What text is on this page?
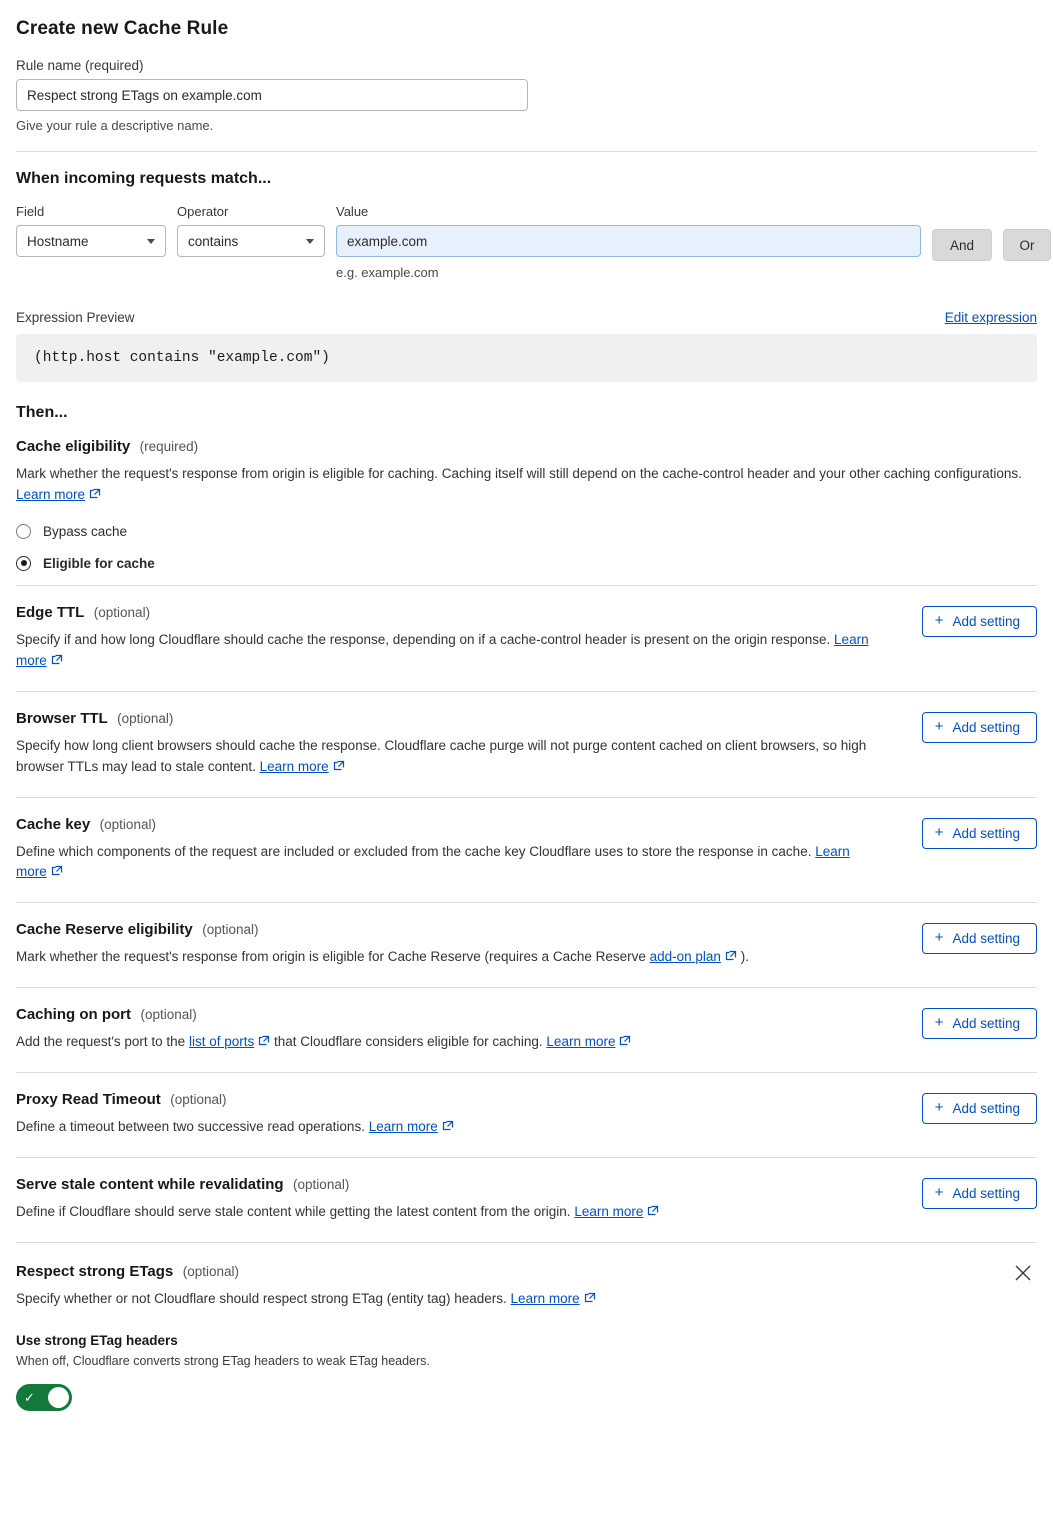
Create new Cache Rule
Rule name (required)
Respect strong ETags on example.com
Give your rule a descriptive name.
When incoming requests match...
Field
Hostname
Operator
contains
Value
example.com
e.g. example.com
And	Or
Expression Preview	Edit expression
(http.host contains "example.com")
Then...
Cache eligibility (required)
Mark whether the request's response from origin is eligible for caching. Caching itself will still depend on the cache-control header and your other caching configurations. Learn more
Bypass cache
Eligible for cache
Edge TTL (optional)
Specify if and how long Cloudflare should cache the response, depending on if a cache-control header is present on the origin response. Learn more
+ Add setting
Browser TTL (optional)
Specify how long client browsers should cache the response. Cloudflare cache purge will not purge content cached on client browsers, so high browser TTLs may lead to stale content. Learn more
+ Add setting
Cache key (optional)
Define which components of the request are included or excluded from the cache key Cloudflare uses to store the response in cache. Learn more
+ Add setting
Cache Reserve eligibility (optional)
Mark whether the request's response from origin is eligible for Cache Reserve (requires a Cache Reserve add-on plan ).
+ Add setting
Caching on port (optional)
Add the request's port to the list of ports that Cloudflare considers eligible for caching. Learn more
+ Add setting
Proxy Read Timeout (optional)
Define a timeout between two successive read operations. Learn more
+ Add setting
Serve stale content while revalidating (optional)
Define if Cloudflare should serve stale content while getting the latest content from the origin. Learn more
+ Add setting
Respect strong ETags (optional)
Specify whether or not Cloudflare should respect strong ETag (entity tag) headers. Learn more
Use strong ETag headers
When off, Cloudflare converts strong ETag headers to weak ETag headers.
✓
